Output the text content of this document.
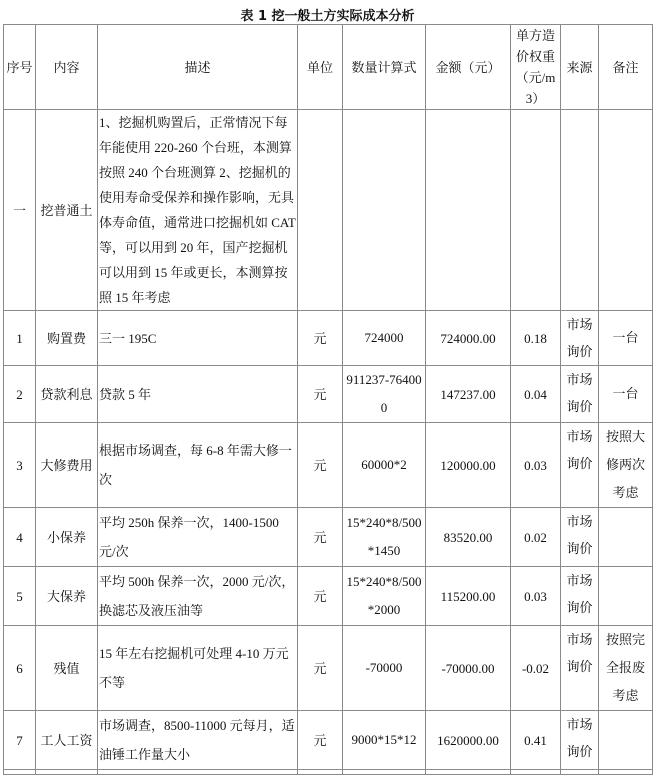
表 1 挖一般土方实际成本分析
序号	内容	描述	单位	数量计算式	金额（元）	单方造价权重（元/m3）	来源	备注
一	挖普通土	1、挖掘机购置后，正常情况下每年能使用 220-260 个台班，本测算按照 240 个台班测算 2、挖掘机的使用寿命受保养和操作影响，无具体寿命值，通常进口挖掘机如 CAT 等，可以用到 20 年，国产挖掘机可以用到 15 年或更长，本测算按照 15 年考虑						
1	购置费	三一 195C	元	724000	724000.00	0.18	市场询价	一台
2	贷款利息	贷款 5 年	元	911237-764000	147237.00	0.04	市场询价	一台
3	大修费用	根据市场调查，每 6-8 年需大修一次	元	60000*2	120000.00	0.03	市场询价	按照大修两次考虑
4	小保养	平均 250h 保养一次，1400-1500 元/次	元	15*240*8/500*1450	83520.00	0.02	市场询价	
5	大保养	平均 500h 保养一次，2000 元/次，换滤芯及液压油等	元	15*240*8/500*2000	115200.00	0.03	市场询价	
6	残值	15 年左右挖掘机可处理 4-10 万元不等	元	-70000	-70000.00	-0.02	市场询价	按照完全报废考虑
7	工人工资	市场调查，8500-11000 元每月，适油锤工作量大小	元	9000*15*12	1620000.00	0.41	市场询价	
